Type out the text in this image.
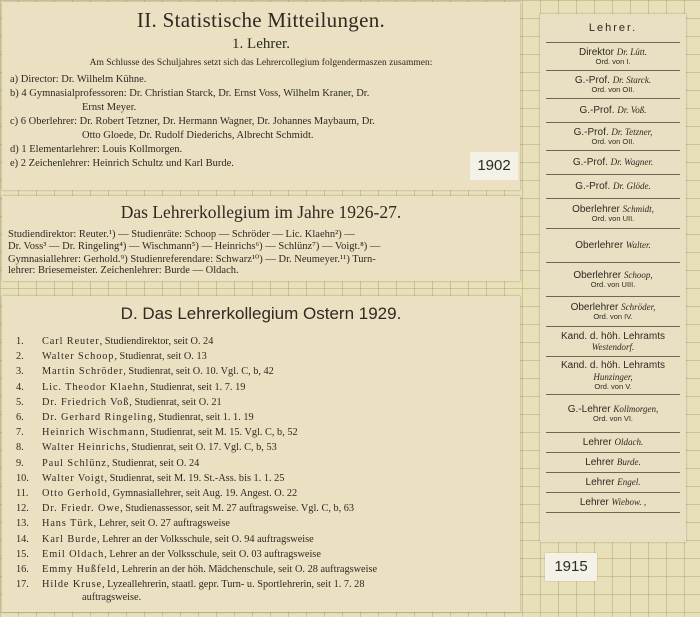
II. Statistische Mitteilungen.
1. Lehrer.
Am Schlusse des Schuljahres setzt sich das Lehrercollegium folgendermaszen zusammen:
a) Director: Dr. Wilhelm Kühne.
b) 4 Gymnasialprofessoren: Dr. Christian Starck, Dr. Ernst Voss, Wilhelm Kraner, Dr.
Ernst Meyer.
c) 6 Oberlehrer: Dr. Robert Tetzner, Dr. Hermann Wagner, Dr. Johannes Maybaum, Dr.
Otto Gloede, Dr. Rudolf Diederichs, Albrecht Schmidt.
d) 1 Elementarlehrer: Louis Kollmorgen.
e) 2 Zeichenlehrer: Heinrich Schultz und Karl Burde.	1902
Das Lehrerkollegium im Jahre 1926-27.
Studiendirektor: Reuter.¹) — Studienräte: Schoop — Schröder — Lic. Klaehn²) —
Dr. Voss³ — Dr. Ringeling⁴) — Wischmann⁵) — Heinrichs⁶) — Schlünz⁷) — Voigt.⁸) —
Gymnasiallehrer: Gerhold.⁹) Studienreferendare: Schwarz¹⁰) — Dr. Neumeyer.¹¹) Turn-
lehrer: Briesemeister. Zeichenlehrer: Burde — Oldach.
D. Das Lehrerkollegium Ostern 1929.
1. Carl Reuter, Studiendirektor, seit O. 24
2. Walter Schoop, Studienrat, seit O. 13
3. Martin Schröder, Studienrat, seit O. 10. Vgl. C, b, 42
4. Lic. Theodor Klaehn, Studienrat, seit 1. 7. 19
5. Dr. Friedrich Voß, Studienrat, seit O. 21
6. Dr. Gerhard Ringeling, Studienrat, seit 1. 1. 19
7. Heinrich Wischmann, Studienrat, seit M. 15. Vgl. C, b, 52
8. Walter Heinrichs, Studienrat, seit O. 17. Vgl. C, b, 53
9. Paul Schlünz, Studienrat, seit O. 24
10. Walter Voigt, Studienrat, seit M. 19. St.-Ass. bis 1. 1. 25
11. Otto Gerhold, Gymnasiallehrer, seit Aug. 19. Angest. O. 22
12. Dr. Friedr. Owe, Studienassessor, seit M. 27 auftragsweise. Vgl. C, b, 63
13. Hans Türk, Lehrer, seit O. 27 auftragsweise
14. Karl Burde, Lehrer an der Volksschule, seit O. 94 auftragsweise
15. Emil Oldach, Lehrer an der Volksschule, seit O. 03 auftragsweise
16. Emmy Hußfeld, Lehrerin an der höh. Mädchenschule, seit O. 28 auftragsweise
17. Hilde Kruse, Lyzeallehrerin, staatl. gepr. Turn- u. Sportlehrerin, seit 1. 7. 28
auftragsweise.
Lehrer.
Direktor Dr. Lütt.
Ord. von I.
G.-Prof. Dr. Starck.
Ord. von OII.
G.-Prof. Dr. Voß.
G.-Prof. Dr. Tetzner,
Ord. von OII.
G.-Prof. Dr. Wagner.
G.-Prof. Dr. Glöde.
Oberlehrer Schmidt,
Ord. von UII.
Oberlehrer Walter.
Oberlehrer Schoop,
Ord. von UIII.
Oberlehrer Schröder,
Ord. von IV.
Kand. d. höh. Lehramts Westendorf.
Kand. d. höh. Lehramts Hunzinger,
Ord. von V.
G.-Lehrer Kollmorgen,
Ord. von VI.
Lehrer Oldach.
Lehrer Burde.
Lehrer Engel.
Lehrer Wiebow. ,
1915
